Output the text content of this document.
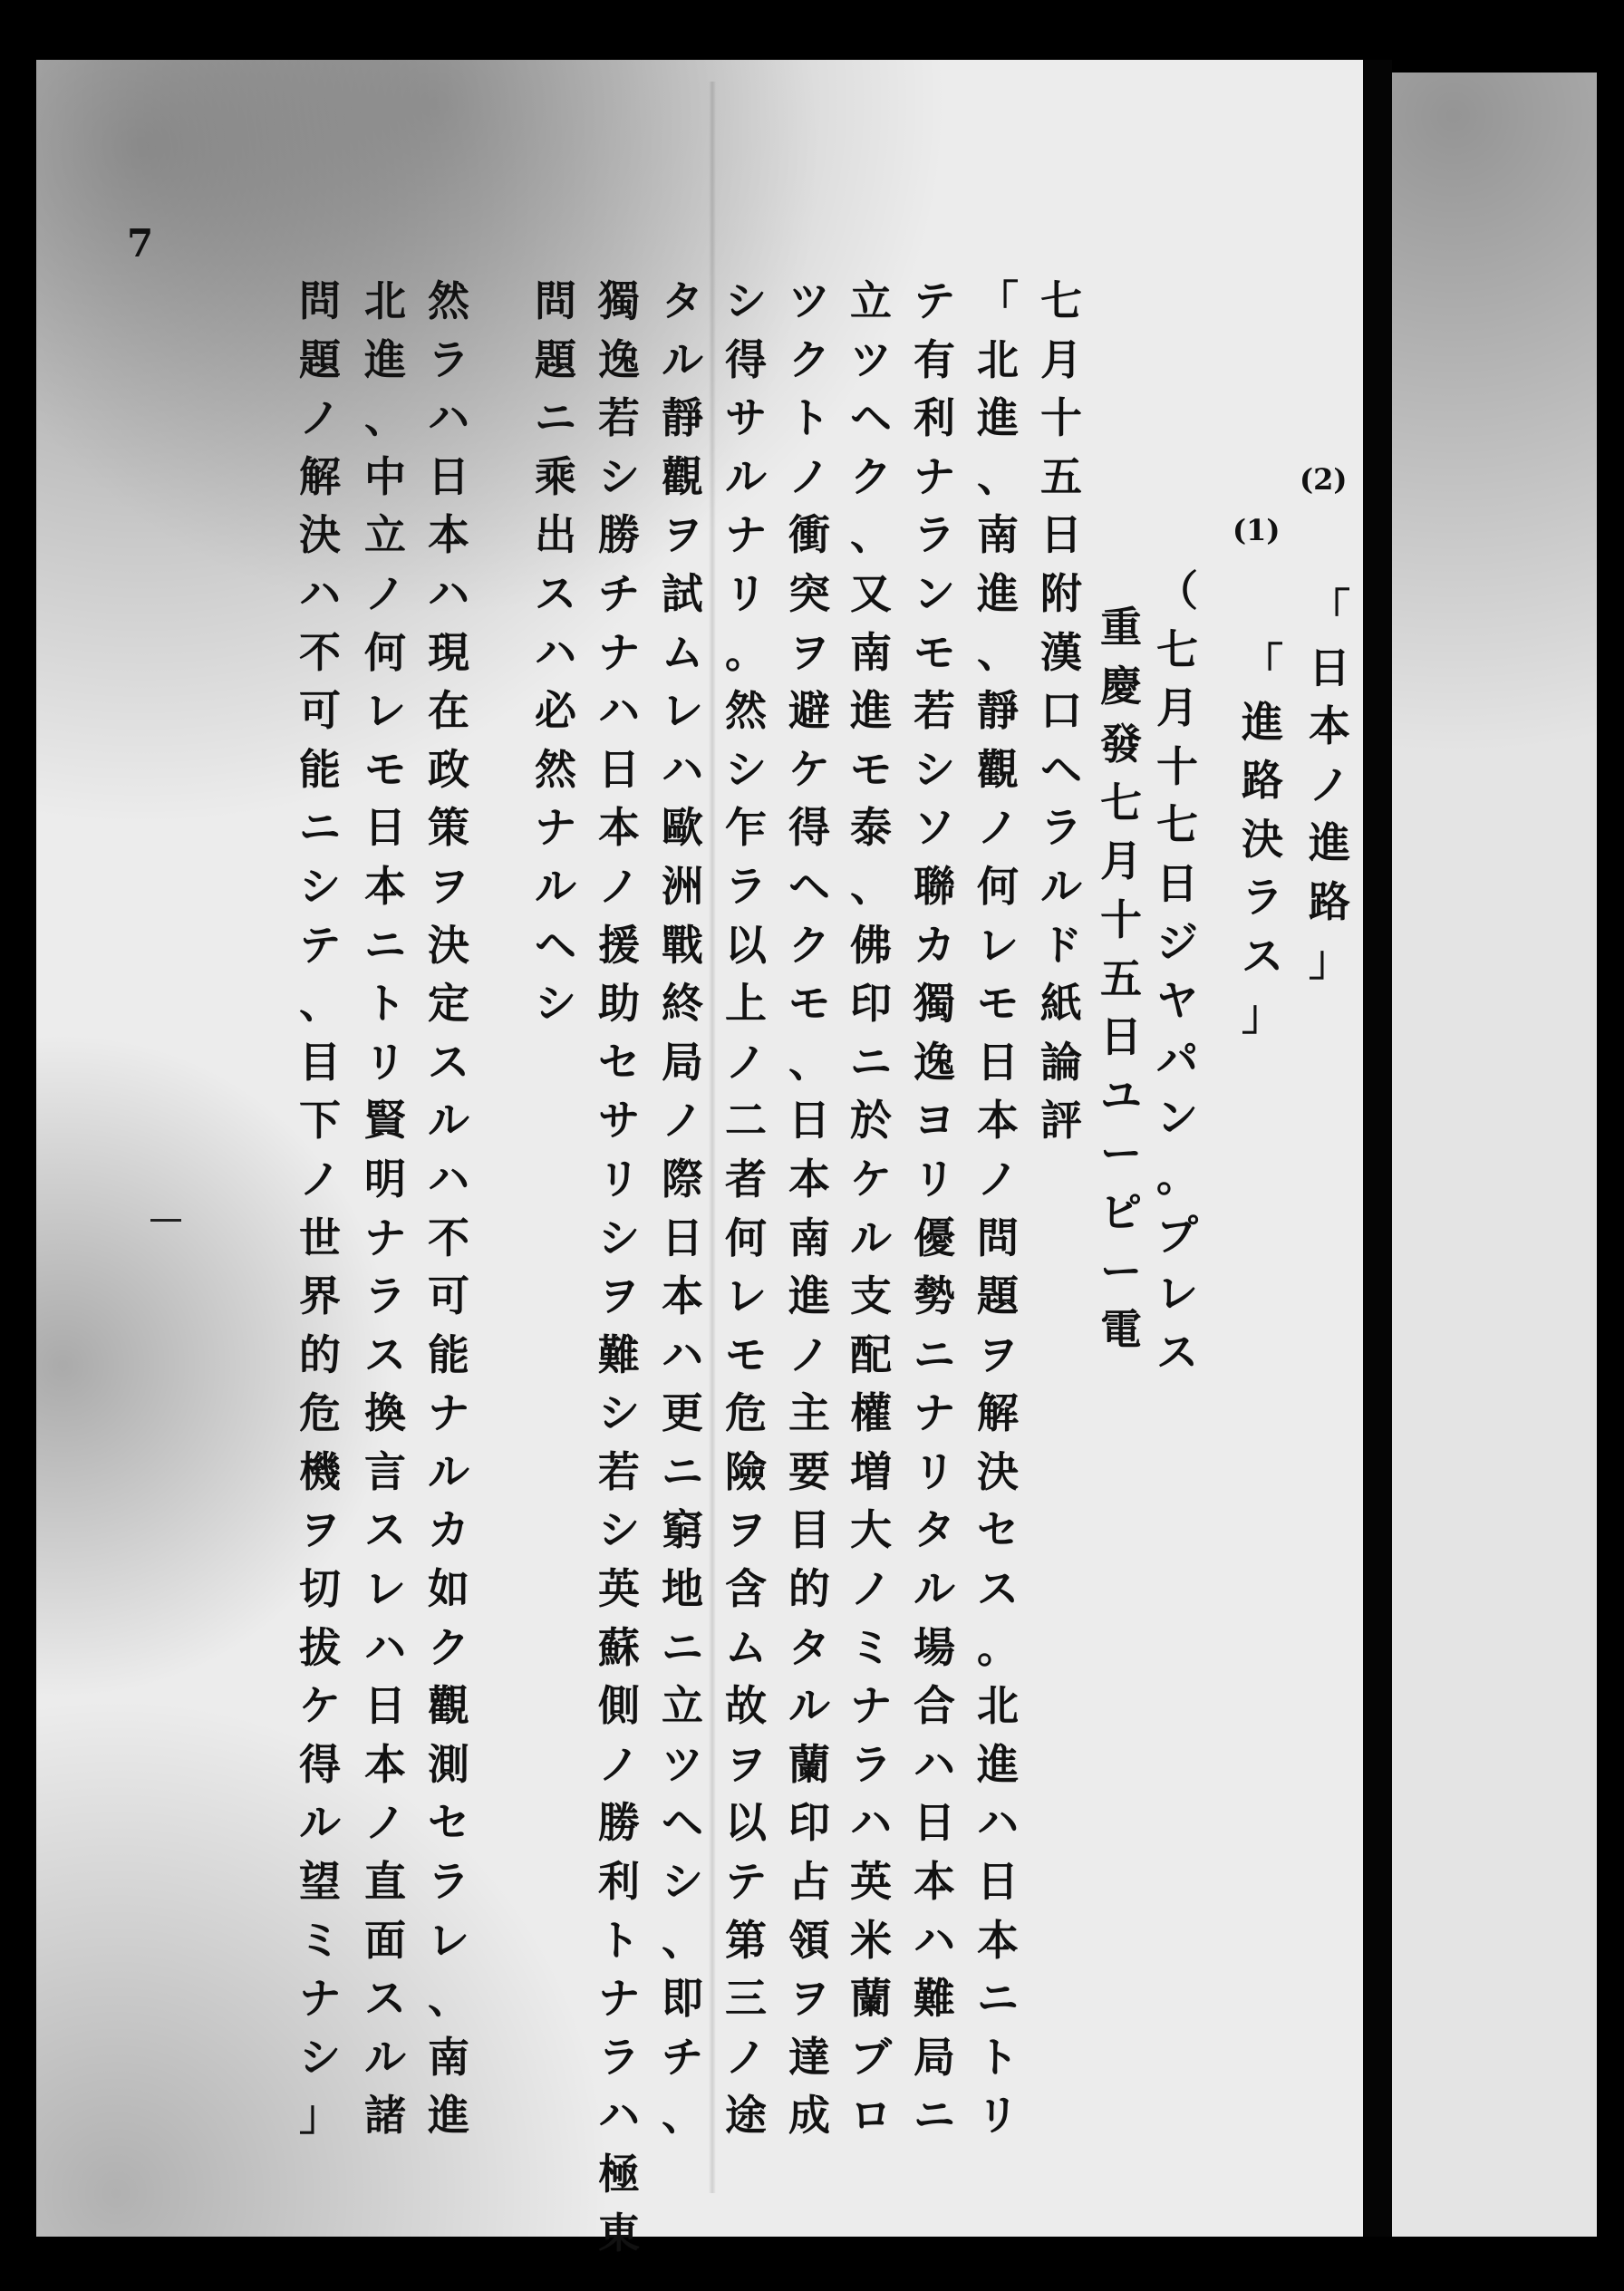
7
(2)
(1)
「
日
本
ノ
進
路
」
「
進
路
決
ラ
ス
」
（
七
月
十
七
日
ジ
ヤ
パ
ン
。
プ
レ
ス
重
慶
發
七
月
十
五
日
ユ
ー
ピ
ー
電
七
月
十
五
日
附
漢
口
ヘ
ラ
ル
ド
紙
論
評
「
北
進
、
南
進
、
靜
觀
ノ
何
レ
モ
日
本
ノ
問
題
ヲ
解
決
セ
ス
。
北
進
ハ
日
本
ニ
ト
リ
テ
有
利
ナ
ラ
ン
モ
若
シ
ソ
聯
カ
獨
逸
ヨ
リ
優
勢
ニ
ナ
リ
タ
ル
場
合
ハ
日
本
ハ
難
局
ニ
立
ツ
ヘ
ク
、
又
南
進
モ
泰
、
佛
印
ニ
於
ケ
ル
支
配
權
増
大
ノ
ミ
ナ
ラ
ハ
英
米
蘭
ブ
ロ
ツ
ク
ト
ノ
衝
突
ヲ
避
ケ
得
ヘ
ク
モ
、
日
本
南
進
ノ
主
要
目
的
タ
ル
蘭
印
占
領
ヲ
達
成
シ
得
サ
ル
ナ
リ
。
然
シ
乍
ラ
以
上
ノ
二
者
何
レ
モ
危
險
ヲ
含
ム
故
ヲ
以
テ
第
三
ノ
途
タ
ル
靜
觀
ヲ
試
ム
レ
ハ
歐
洲
戰
終
局
ノ
際
日
本
ハ
更
ニ
窮
地
ニ
立
ツ
ヘ
シ
、
即
チ
、
獨
逸
若
シ
勝
チ
ナ
ハ
日
本
ノ
援
助
セ
サ
リ
シ
ヲ
難
シ
若
シ
英
蘇
側
ノ
勝
利
ト
ナ
ラ
ハ
極
東
問
題
ニ
乘
出
ス
ハ
必
然
ナ
ル
ヘ
シ
然
ラ
ハ
日
本
ハ
現
在
政
策
ヲ
決
定
ス
ル
ハ
不
可
能
ナ
ル
カ
如
ク
觀
測
セ
ラ
レ
、
南
進
北
進
、
中
立
ノ
何
レ
モ
日
本
ニ
ト
リ
賢
明
ナ
ラ
ス
換
言
ス
レ
ハ
日
本
ノ
直
面
ス
ル
諸
問
題
ノ
解
決
ハ
不
可
能
ニ
シ
テ
、
目
下
ノ
世
界
的
危
機
ヲ
切
拔
ケ
得
ル
望
ミ
ナ
シ
」
